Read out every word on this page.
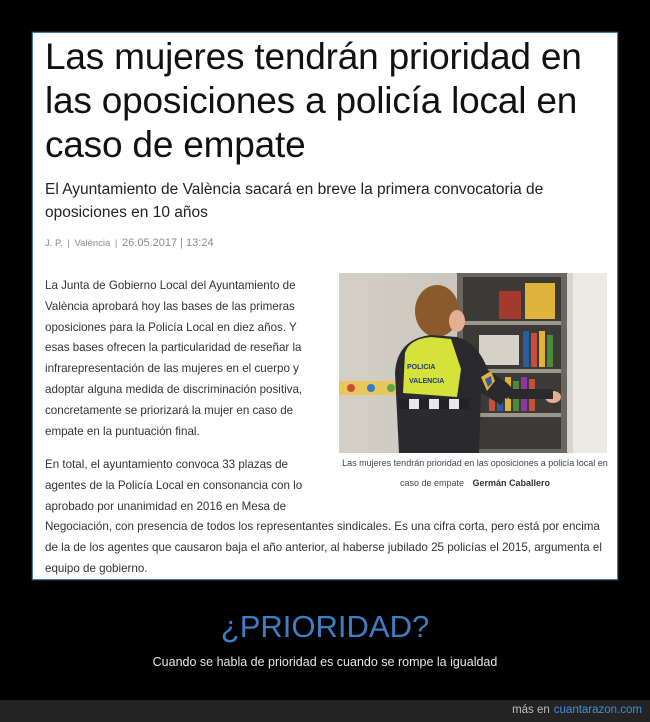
Las mujeres tendrán prioridad en las oposiciones a policía local en caso de empate
El Ayuntamiento de València sacará en breve la primera convocatoria de oposiciones en 10 años
J. P. | València | 26.05.2017 | 13:24

La Junta de Gobierno Local del Ayuntamiento de València aprobará hoy las bases de las primeras oposiciones para la Policía Local en diez años. Y esas bases ofrecen la particularidad de reseñar la infrarepresentación de las mujeres en el cuerpo y adoptar alguna medida de discriminación positiva, concretamente se priorizará la mujer en caso de empate en la puntuación final.

POLICIA
VALENCIA
Las mujeres tendrán prioridad en las oposiciones a policía local en caso de empate Germán Caballero

En total, el ayuntamiento convoca 33 plazas de agentes de la Policía Local en consonancia con lo aprobado por unanimidad en 2016 en Mesa de Negociación, con presencia de todos los representantes sindicales. Es una cifra corta, pero está por encima de la de los agentes que causaron baja el año anterior, al haberse jubilado 25 policías el 2015, argumenta el equipo de gobierno.

¿PRIORIDAD?

Cuando se habla de prioridad es cuando se rompe la igualdad

más en cuantarazon.com
